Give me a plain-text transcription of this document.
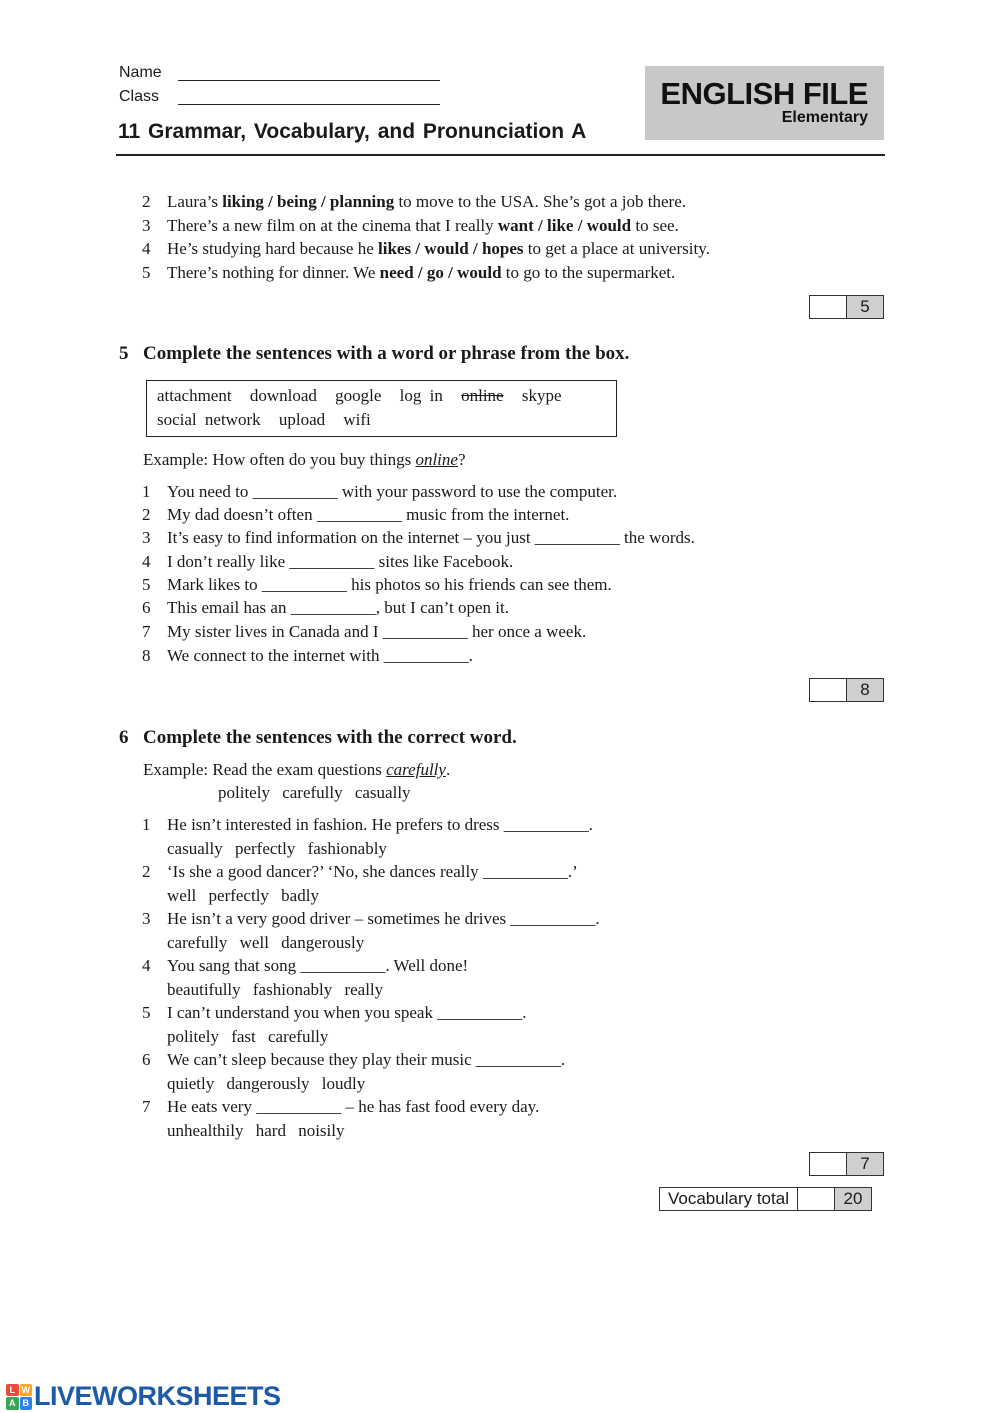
Name
Class
11 Grammar, Vocabulary, and Pronunciation A
ENGLISH FILE
Elementary
2 Laura’s liking / being / planning to move to the USA. She’s got a job there.
3 There’s a new film on at the cinema that I really want / like / would to see.
4 He’s studying hard because he likes / would / hopes to get a place at university.
5 There’s nothing for dinner. We need / go / would to go to the supermarket.
5
5 Complete the sentences with a word or phrase from the box.
attachment download google log in online skype
social network upload wifi
Example: How often do you buy things online?
1 You need to __________ with your password to use the computer.
2 My dad doesn’t often __________ music from the internet.
3 It’s easy to find information on the internet – you just __________ the words.
4 I don’t really like __________ sites like Facebook.
5 Mark likes to __________ his photos so his friends can see them.
6 This email has an __________, but I can’t open it.
7 My sister lives in Canada and I __________ her once a week.
8 We connect to the internet with __________.
8
6 Complete the sentences with the correct word.
Example: Read the exam questions carefully.
politely carefully casually
1 He isn’t interested in fashion. He prefers to dress __________.
casually perfectly fashionably
2 ‘Is she a good dancer?’ ‘No, she dances really __________.’
well perfectly badly
3 He isn’t a very good driver – sometimes he drives __________.
carefully well dangerously
4 You sang that song __________. Well done!
beautifully fashionably really
5 I can’t understand you when you speak __________.
politely fast carefully
6 We can’t sleep because they play their music __________.
quietly dangerously loudly
7 He eats very __________ – he has fast food every day.
unhealthily hard noisily
7
Vocabulary total	20
L W
A B LIVEWORKSHEETS
